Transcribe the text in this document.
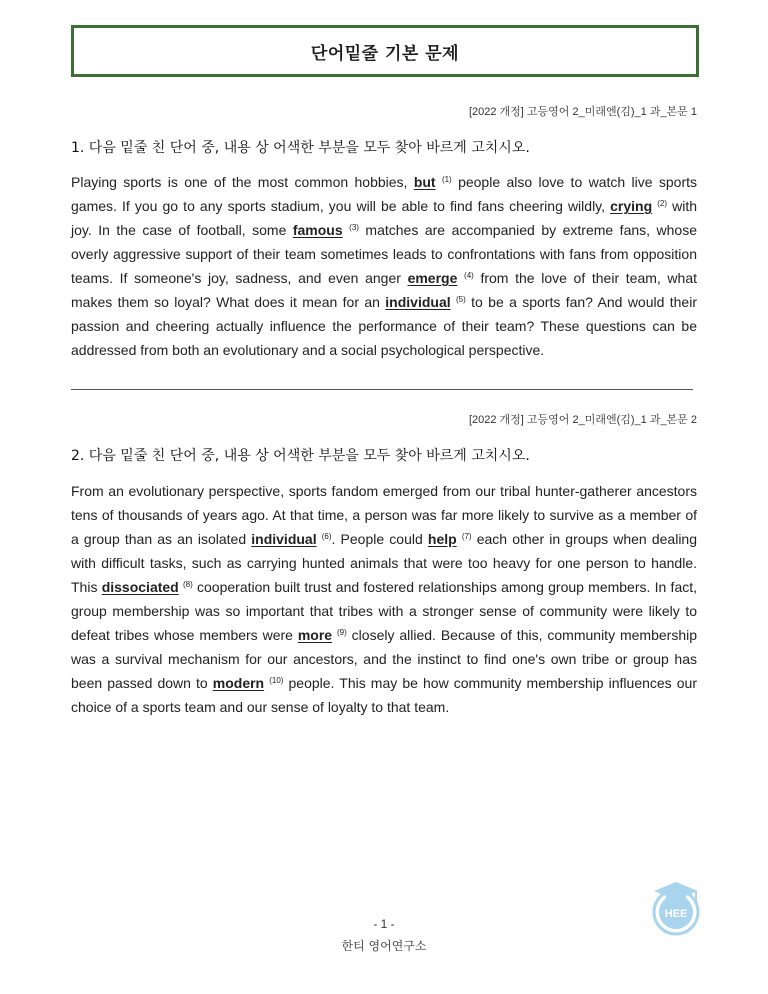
단어밑줄 기본 문제
[2022 개정] 고등영어 2_미래엔(김)_1 과_본문 1
1. 다음 밑줄 친 단어 중, 내용 상 어색한 부분을 모두 찾아 바르게 고치시오.
Playing sports is one of the most common hobbies, but $^{(1)}$ people also love to watch live sports games. If you go to any sports stadium, you will be able to find fans cheering wildly, crying $^{(2)}$ with joy. In the case of football, some famous $^{(3)}$ matches are accompanied by extreme fans, whose overly aggressive support of their team sometimes leads to confrontations with fans from opposition teams. If someone's joy, sadness, and even anger emerge $^{(4)}$ from the love of their team, what makes them so loyal? What does it mean for an individual $^{(5)}$ to be a sports fan? And would their passion and cheering actually influence the performance of their team? These questions can be addressed from both an evolutionary and a social psychological perspective.
[2022 개정] 고등영어 2_미래엔(김)_1 과_본문 2
2. 다음 밑줄 친 단어 중, 내용 상 어색한 부분을 모두 찾아 바르게 고치시오.
From an evolutionary perspective, sports fandom emerged from our tribal hunter-gatherer ancestors tens of thousands of years ago. At that time, a person was far more likely to survive as a member of a group than as an isolated individual $^{(6)}$. People could help $^{(7)}$ each other in groups when dealing with difficult tasks, such as carrying hunted animals that were too heavy for one person to handle. This dissociated $^{(8)}$ cooperation built trust and fostered relationships among group members. In fact, group membership was so important that tribes with a stronger sense of community were likely to defeat tribes whose members were more $^{(9)}$ closely allied. Because of this, community membership was a survival mechanism for our ancestors, and the instinct to find one's own tribe or group has been passed down to modern $^{(10)}$ people. This may be how community membership influences our choice of a sports team and our sense of loyalty to that team.
- 1 -
한티 영어연구소
HEE
